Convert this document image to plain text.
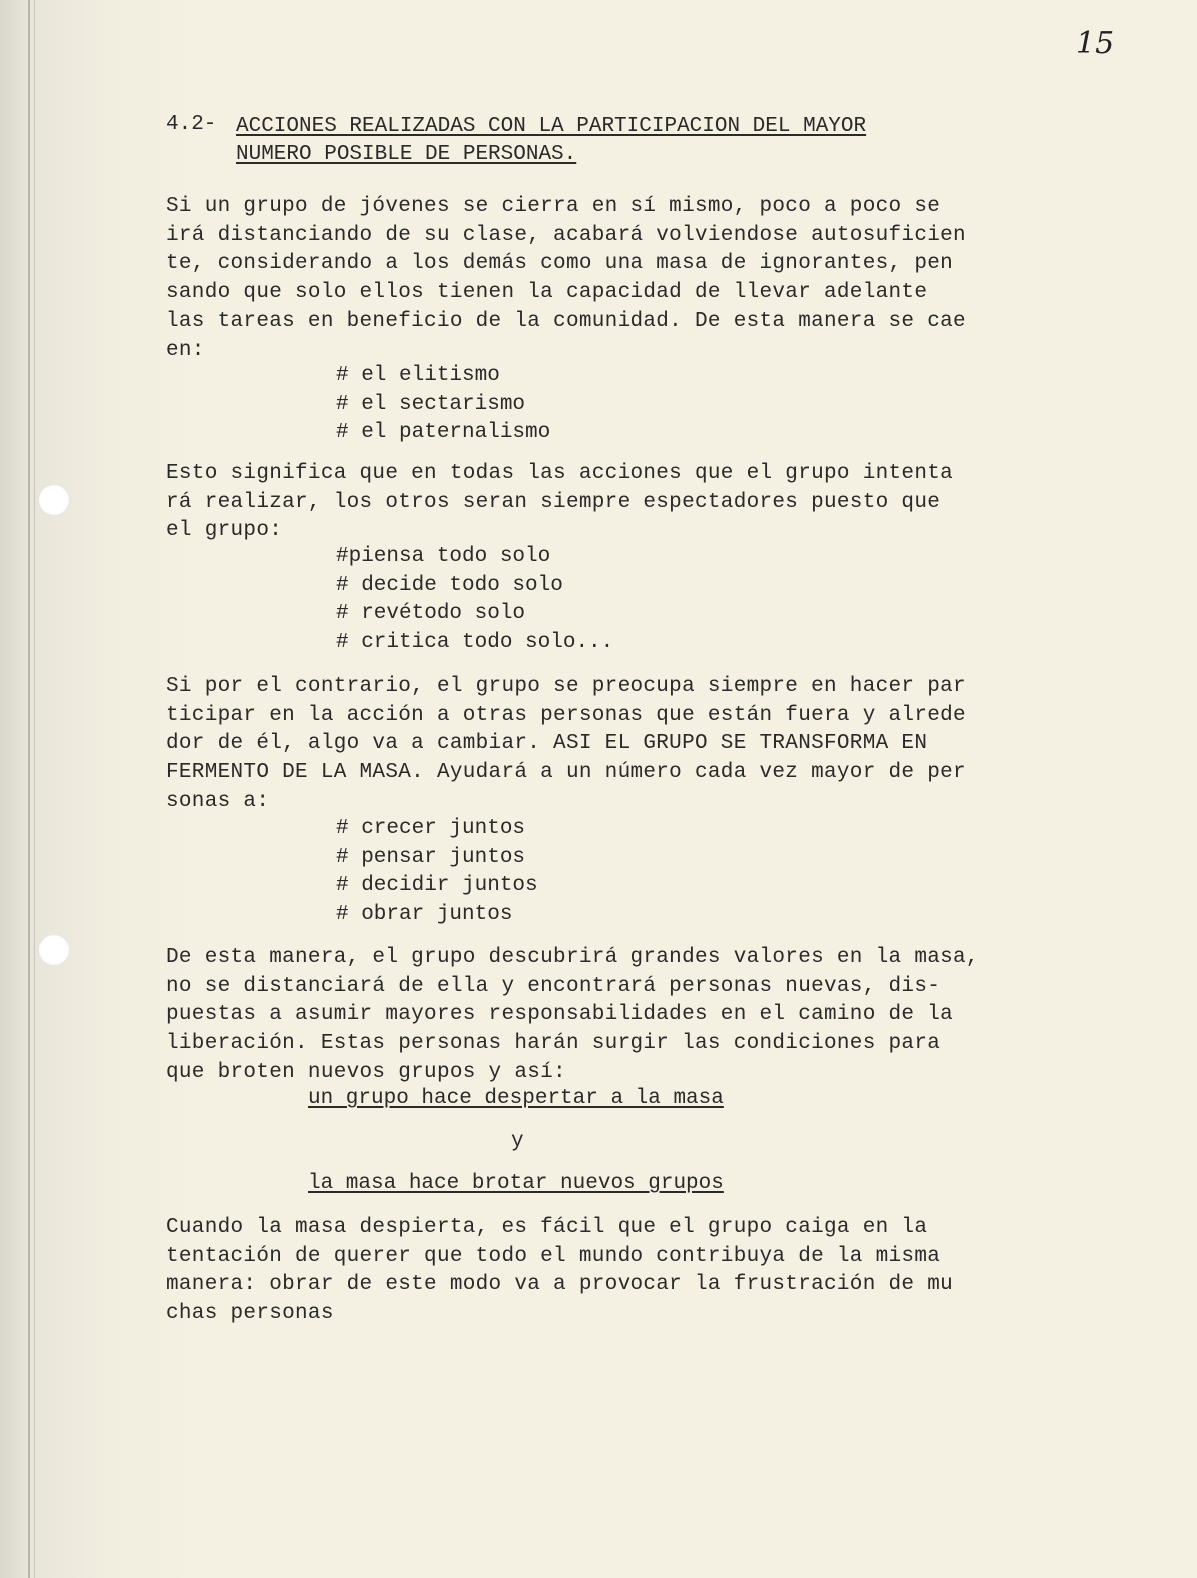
15
4.2- ACCIONES REALIZADAS CON LA PARTICIPACION DEL MAYOR
NUMERO POSIBLE DE PERSONAS.
Si un grupo de jóvenes se cierra en sí mismo, poco a poco se
irá distanciando de su clase, acabará volviendose autosuficien
te, considerando a los demás como una masa de ignorantes, pen
sando que solo ellos tienen la capacidad de llevar adelante
las tareas en beneficio de la comunidad. De esta manera se cae
en:
# el elitismo
# el sectarismo
# el paternalismo
Esto significa que en todas las acciones que el grupo intenta
rá realizar, los otros seran siempre espectadores puesto que
el grupo:
#piensa todo solo
# decide todo solo
# revétodo solo
# critica todo solo...
Si por el contrario, el grupo se preocupa siempre en hacer par
ticipar en la acción a otras personas que están fuera y alrede
dor de él, algo va a cambiar. ASI EL GRUPO SE TRANSFORMA EN
FERMENTO DE LA MASA. Ayudará a un número cada vez mayor de per
sonas a:
# crecer juntos
# pensar juntos
# decidir juntos
# obrar juntos
De esta manera, el grupo descubrirá grandes valores en la masa,
no se distanciará de ella y encontrará personas nuevas, dis-
puestas a asumir mayores responsabilidades en el camino de la
liberación. Estas personas harán surgir las condiciones para
que broten nuevos grupos y así:
un grupo hace despertar a la masa
y
la masa hace brotar nuevos grupos
Cuando la masa despierta, es fácil que el grupo caiga en la
tentación de querer que todo el mundo contribuya de la misma
manera: obrar de este modo va a provocar la frustración de mu
chas personas
